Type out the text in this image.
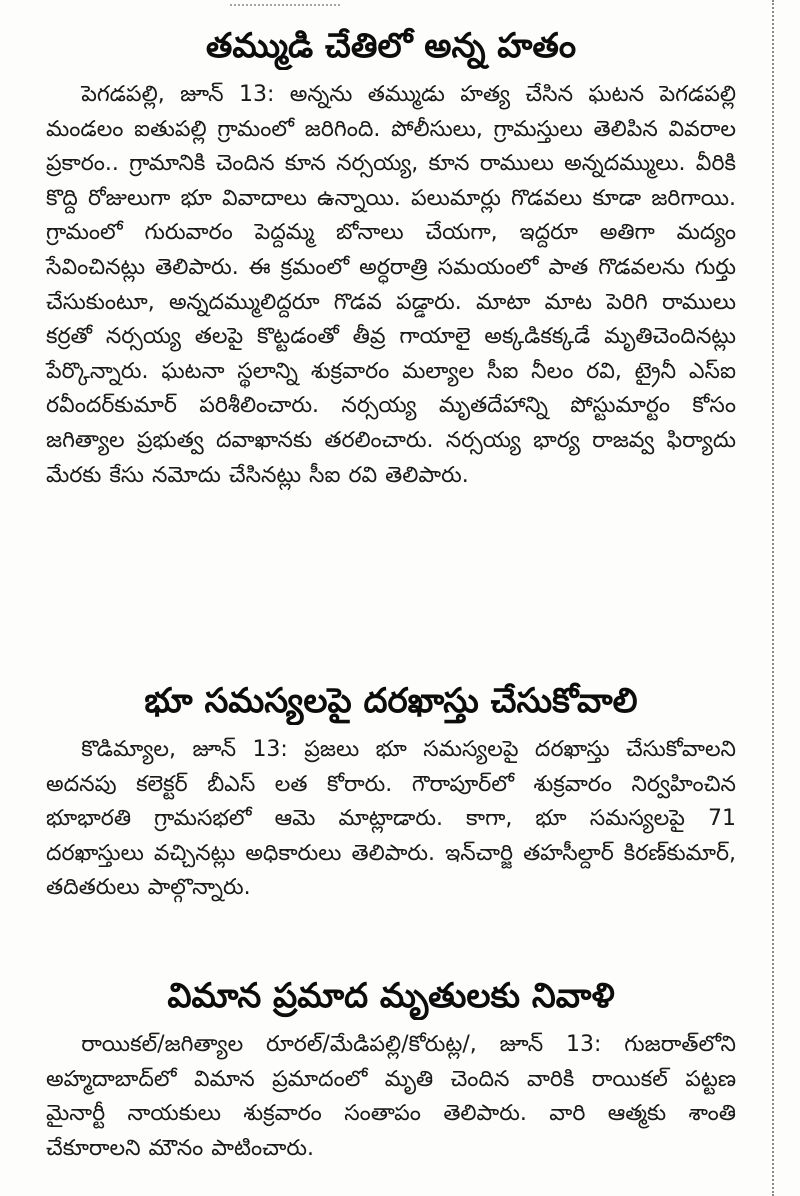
తమ్ముడి చేతిలో అన్న హతం

పెగడపల్లి, జూన్ 13: అన్నను తమ్ముడు హత్య చేసిన ఘటన పెగడపల్లి మండలం ఐతుపల్లి గ్రామంలో జరిగింది. పోలీసులు, గ్రామస్తులు తెలిపిన వివరాల ప్రకారం.. గ్రామానికి చెందిన కూన నర్సయ్య, కూన రాములు అన్నదమ్ములు. వీరికి కొద్ది రోజులుగా భూ వివాదాలు ఉన్నాయి. పలుమార్లు గొడవలు కూడా జరిగాయి. గ్రామంలో గురువారం పెద్దమ్మ బోనాలు చేయగా, ఇద్దరూ అతిగా మద్యం సేవించినట్లు తెలిపారు. ఈ క్రమంలో అర్ధరాత్రి సమయంలో పాత గొడవలను గుర్తు చేసుకుంటూ, అన్నదమ్ములిద్దరూ గొడవ పడ్డారు. మాటా మాట పెరిగి రాములు కర్రతో నర్సయ్య తలపై కొట్టడంతో తీవ్ర గాయాలై అక్కడికక్కడే మృతిచెందినట్లు పేర్కొన్నారు. ఘటనా స్థలాన్ని శుక్రవారం మల్యాల సీఐ నీలం రవి, ట్రైనీ ఎస్ఐ రవీందర్‌కుమార్ పరిశీలించారు. నర్సయ్య మృతదేహాన్ని పోస్టుమార్టం కోసం జగిత్యాల ప్రభుత్వ దవాఖానకు తరలించారు. నర్సయ్య భార్య రాజవ్వ ఫిర్యాదు మేరకు కేసు నమోదు చేసినట్లు సీఐ రవి తెలిపారు.

భూ సమస్యలపై దరఖాస్తు చేసుకోవాలి

కొడిమ్యాల, జూన్ 13: ప్రజలు భూ సమస్యలపై దరఖాస్తు చేసుకోవాలని అదనపు కలెక్టర్ బీఎస్ లత కోరారు. గౌరాపూర్‌లో శుక్రవారం నిర్వహించిన భూభారతి గ్రామసభలో ఆమె మాట్లాడారు. కాగా, భూ సమస్యలపై 71 దరఖాస్తులు వచ్చినట్లు అధికారులు తెలిపారు. ఇన్‌చార్జి తహసీల్దార్ కిరణ్‌కుమార్, తదితరులు పాల్గొన్నారు.

విమాన ప్రమాద మృతులకు నివాళి

రాయికల్/జగిత్యాల రూరల్/మేడిపల్లి/కోరుట్ల/, జూన్ 13: గుజరాత్‌లోని అహ్మదాబాద్‌లో విమాన ప్రమాదంలో మృతి చెందిన వారికి రాయికల్ పట్టణ మైనార్టీ నాయకులు శుక్రవారం సంతాపం తెలిపారు. వారి ఆత్మకు శాంతి చేకూరాలని మౌనం పాటించారు.
